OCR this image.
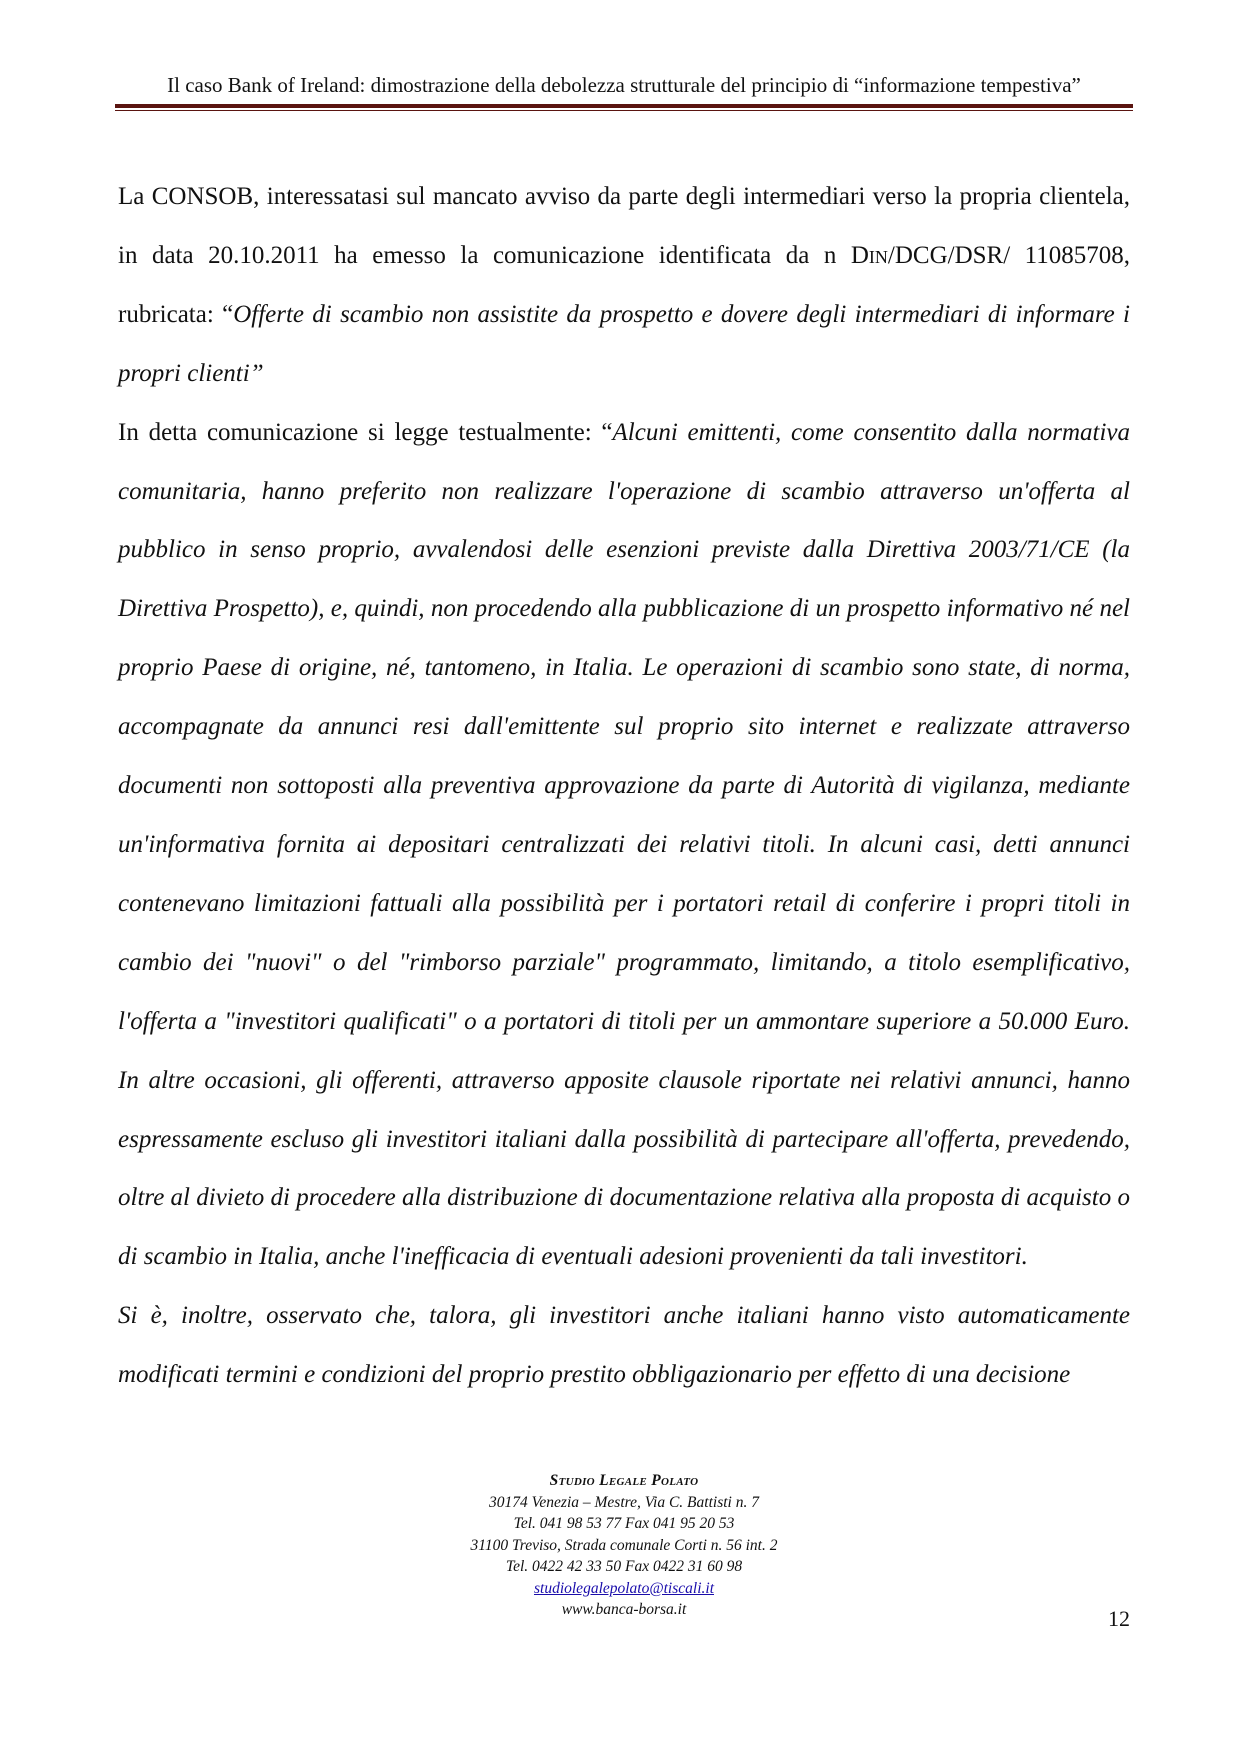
Il caso Bank of Ireland: dimostrazione della debolezza strutturale del principio di “informazione tempestiva”

La CONSOB, interessatasi sul mancato avviso da parte degli intermediari verso la propria clientela, in data 20.10.2011 ha emesso la comunicazione identificata da n Din/DCG/DSR/ 11085708, rubricata: “Offerte di scambio non assistite da prospetto e dovere degli intermediari di informare i propri clienti”

In detta comunicazione si legge testualmente: “Alcuni emittenti, come consentito dalla normativa comunitaria, hanno preferito non realizzare l'operazione di scambio attraverso un'offerta al pubblico in senso proprio, avvalendosi delle esenzioni previste dalla Direttiva 2003/71/CE (la Direttiva Prospetto), e, quindi, non procedendo alla pubblicazione di un prospetto informativo né nel proprio Paese di origine, né, tantomeno, in Italia. Le operazioni di scambio sono state, di norma, accompagnate da annunci resi dall'emittente sul proprio sito internet e realizzate attraverso documenti non sottoposti alla preventiva approvazione da parte di Autorità di vigilanza, mediante un'informativa fornita ai depositari centralizzati dei relativi titoli. In alcuni casi, detti annunci contenevano limitazioni fattuali alla possibilità per i portatori retail di conferire i propri titoli in cambio dei "nuovi" o del "rimborso parziale" programmato, limitando, a titolo esemplificativo, l'offerta a "investitori qualificati" o a portatori di titoli per un ammontare superiore a 50.000 Euro. In altre occasioni, gli offerenti, attraverso apposite clausole riportate nei relativi annunci, hanno espressamente escluso gli investitori italiani dalla possibilità di partecipare all'offerta, prevedendo, oltre al divieto di procedere alla distribuzione di documentazione relativa alla proposta di acquisto o di scambio in Italia, anche l'inefficacia di eventuali adesioni provenienti da tali investitori.

Si è, inoltre, osservato che, talora, gli investitori anche italiani hanno visto automaticamente modificati termini e condizioni del proprio prestito obbligazionario per effetto di una decisione

Studio Legale Polato
30174 Venezia – Mestre, Via C. Battisti n. 7
Tel. 041 98 53 77 Fax 041 95 20 53
31100 Treviso, Strada comunale Corti n. 56 int. 2
Tel. 0422 42 33 50 Fax 0422 31 60 98
studiolegalepolato@tiscali.it
www.banca-borsa.it	12
